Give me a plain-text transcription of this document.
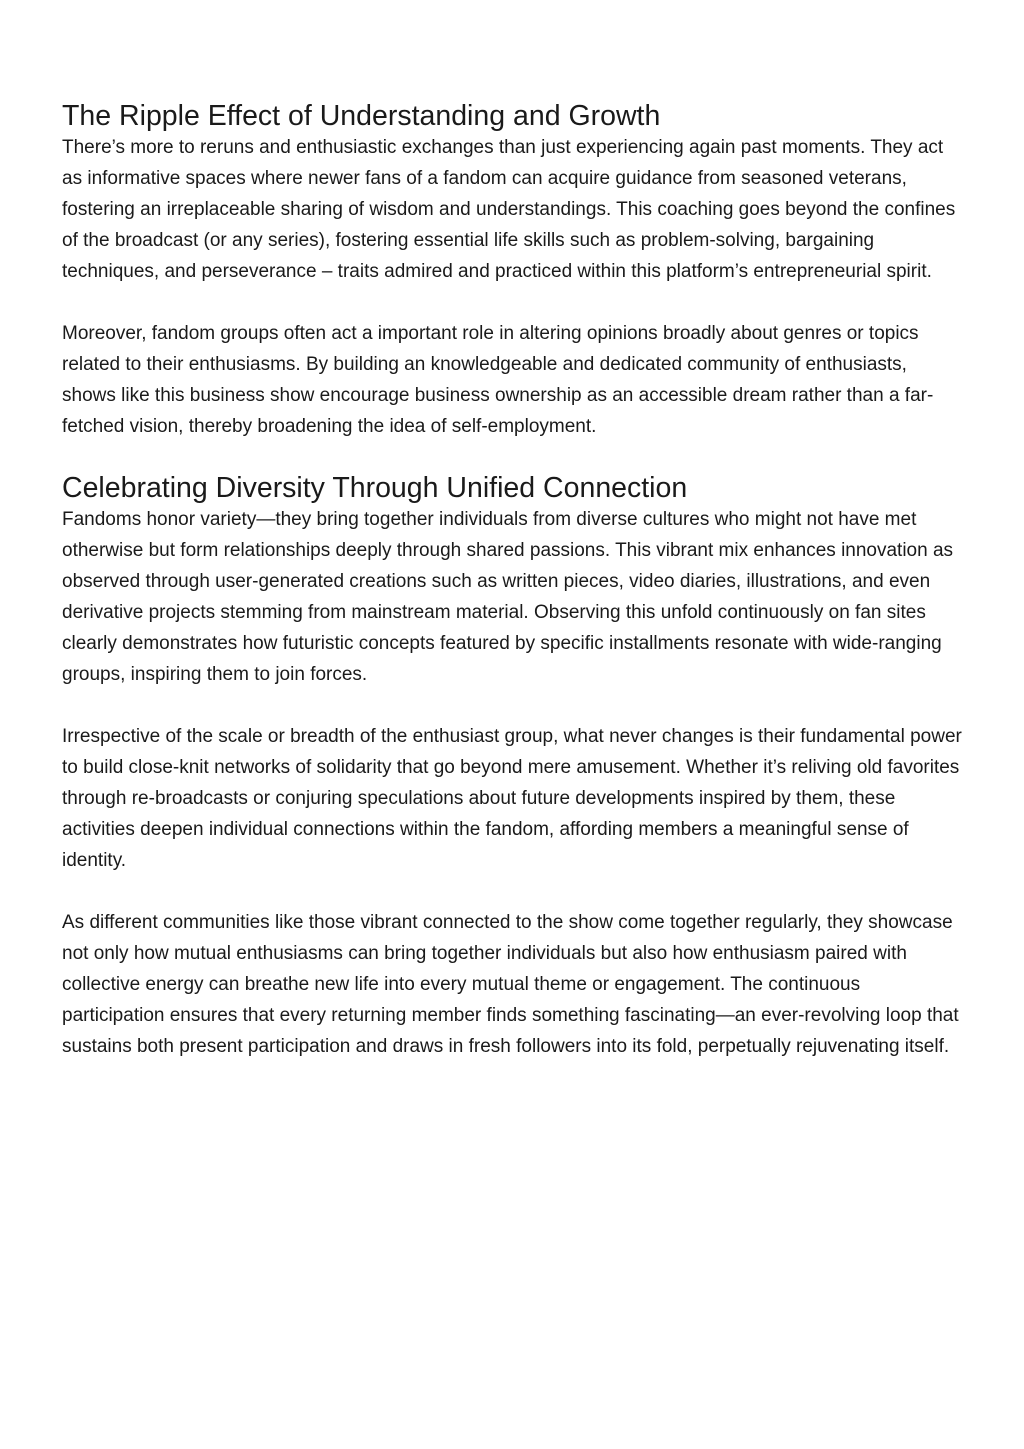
The Ripple Effect of Understanding and Growth

There’s more to reruns and enthusiastic exchanges than just experiencing again past moments. They act as informative spaces where newer fans of a fandom can acquire guidance from seasoned veterans, fostering an irreplaceable sharing of wisdom and understandings. This coaching goes beyond the confines of the broadcast (or any series), fostering essential life skills such as problem-solving, bargaining techniques, and perseverance – traits admired and practiced within this platform’s entrepreneurial spirit.

Moreover, fandom groups often act a important role in altering opinions broadly about genres or topics related to their enthusiasms. By building an knowledgeable and dedicated community of enthusiasts, shows like this business show encourage business ownership as an accessible dream rather than a far-fetched vision, thereby broadening the idea of self-employment.

Celebrating Diversity Through Unified Connection

Fandoms honor variety—they bring together individuals from diverse cultures who might not have met otherwise but form relationships deeply through shared passions. This vibrant mix enhances innovation as observed through user-generated creations such as written pieces, video diaries, illustrations, and even derivative projects stemming from mainstream material. Observing this unfold continuously on fan sites clearly demonstrates how futuristic concepts featured by specific installments resonate with wide-ranging groups, inspiring them to join forces.

Irrespective of the scale or breadth of the enthusiast group, what never changes is their fundamental power to build close-knit networks of solidarity that go beyond mere amusement. Whether it’s reliving old favorites through re-broadcasts or conjuring speculations about future developments inspired by them, these activities deepen individual connections within the fandom, affording members a meaningful sense of identity.

As different communities like those vibrant connected to the show come together regularly, they showcase not only how mutual enthusiasms can bring together individuals but also how enthusiasm paired with collective energy can breathe new life into every mutual theme or engagement. The continuous participation ensures that every returning member finds something fascinating—an ever-revolving loop that sustains both present participation and draws in fresh followers into its fold, perpetually rejuvenating itself.
